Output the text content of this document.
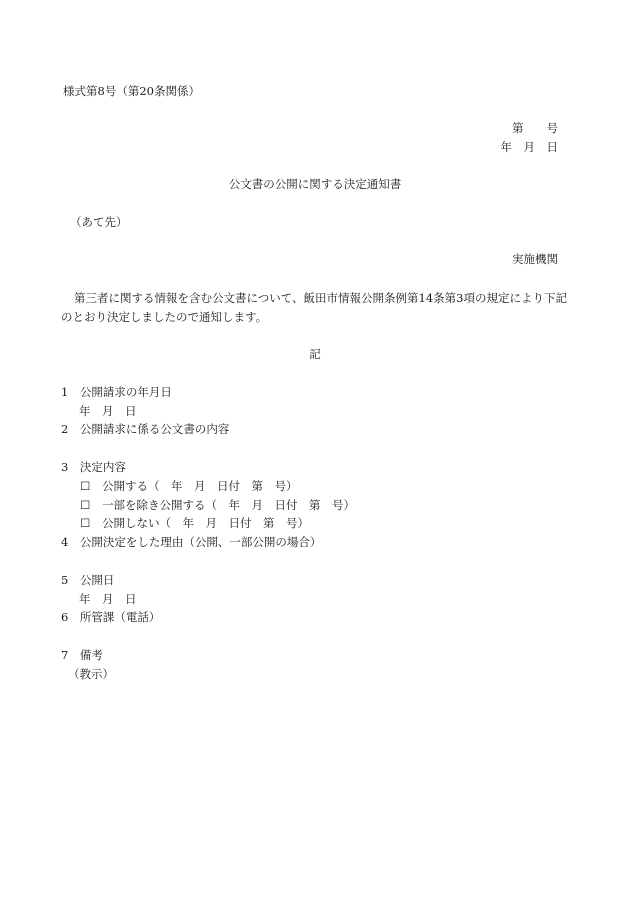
様式第8号（第20条関係）
第　　号
年　月　日
公文書の公開に関する決定通知書
（あて先）
実施機関
第三者に関する情報を含む公文書について、飯田市情報公開条例第14条第3項の規定により下記
のとおり決定しましたので通知します。
記
1　公開請求の年月日
年　月　日
2　公開請求に係る公文書の内容
3　決定内容
☐ 公開する（　年　月　日付　第　号）
☐ 一部を除き公開する（　年　月　日付　第　号）
☐ 公開しない（　年　月　日付　第　号）
4　公開決定をした理由（公開、一部公開の場合）
5　公開日
年　月　日
6　所管課（電話）
7　備考
（教示）
